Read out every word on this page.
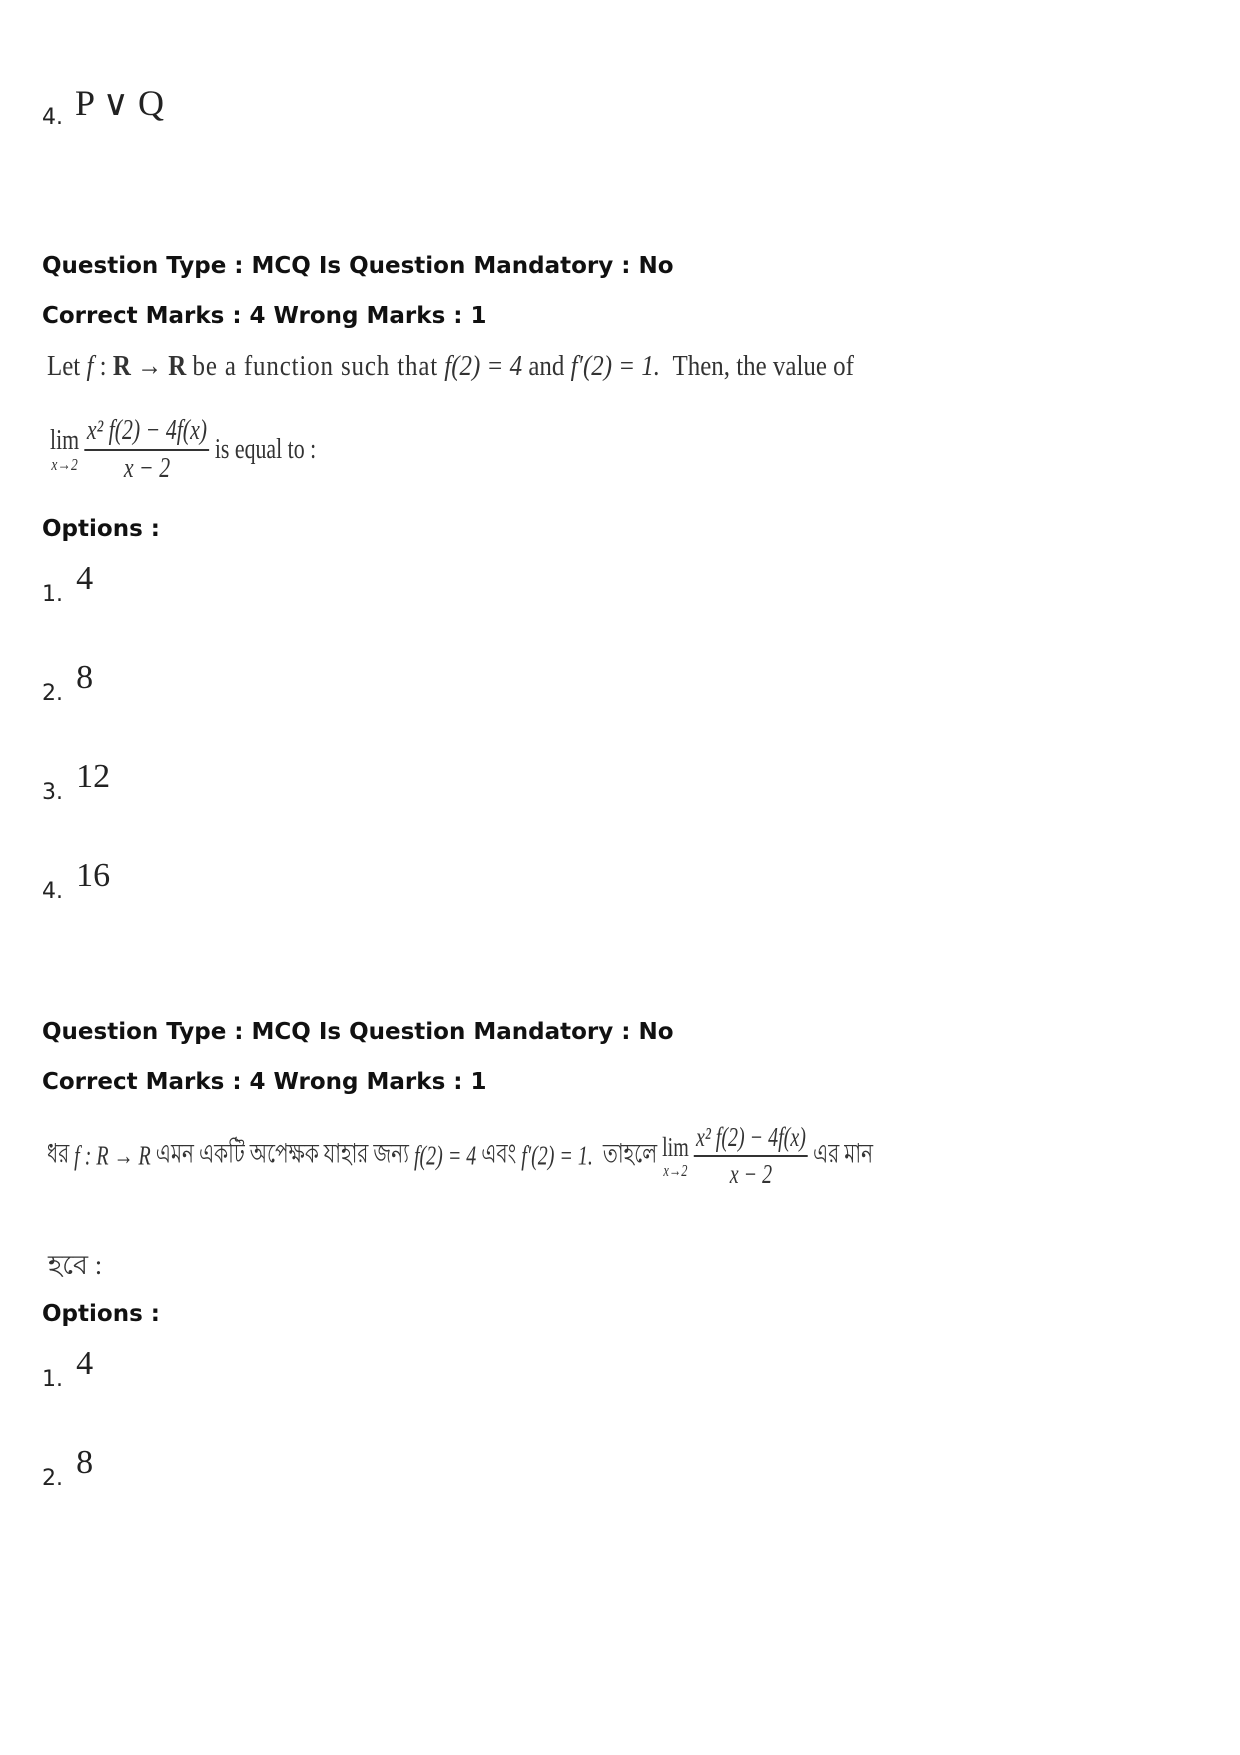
4. P ∨ Q
Question Type : MCQ Is Question Mandatory : No
Correct Marks : 4 Wrong Marks : 1
Let f : R → R be a function such that f(2) = 4 and f′(2) = 1. Then, the value of
lim
x→2
$\frac{\text{x² f(2) − 4f(x)}}{x - 2}$ is equal to :
Options :
1. 4
2. 8
3. 12
4. 16
Question Type : MCQ Is Question Mandatory : No
Correct Marks : 4 Wrong Marks : 1
ধর f : R → R এমন একটি অপেক্ষক যাহার জন্য f(2) = 4 এবং f′(2) = 1. তাহলে lim
x→2
$\frac{\text{x² f(2) − 4f(x)}}{x - 2}$ এর মান
হবে :
Options :
1. 4
2. 8
